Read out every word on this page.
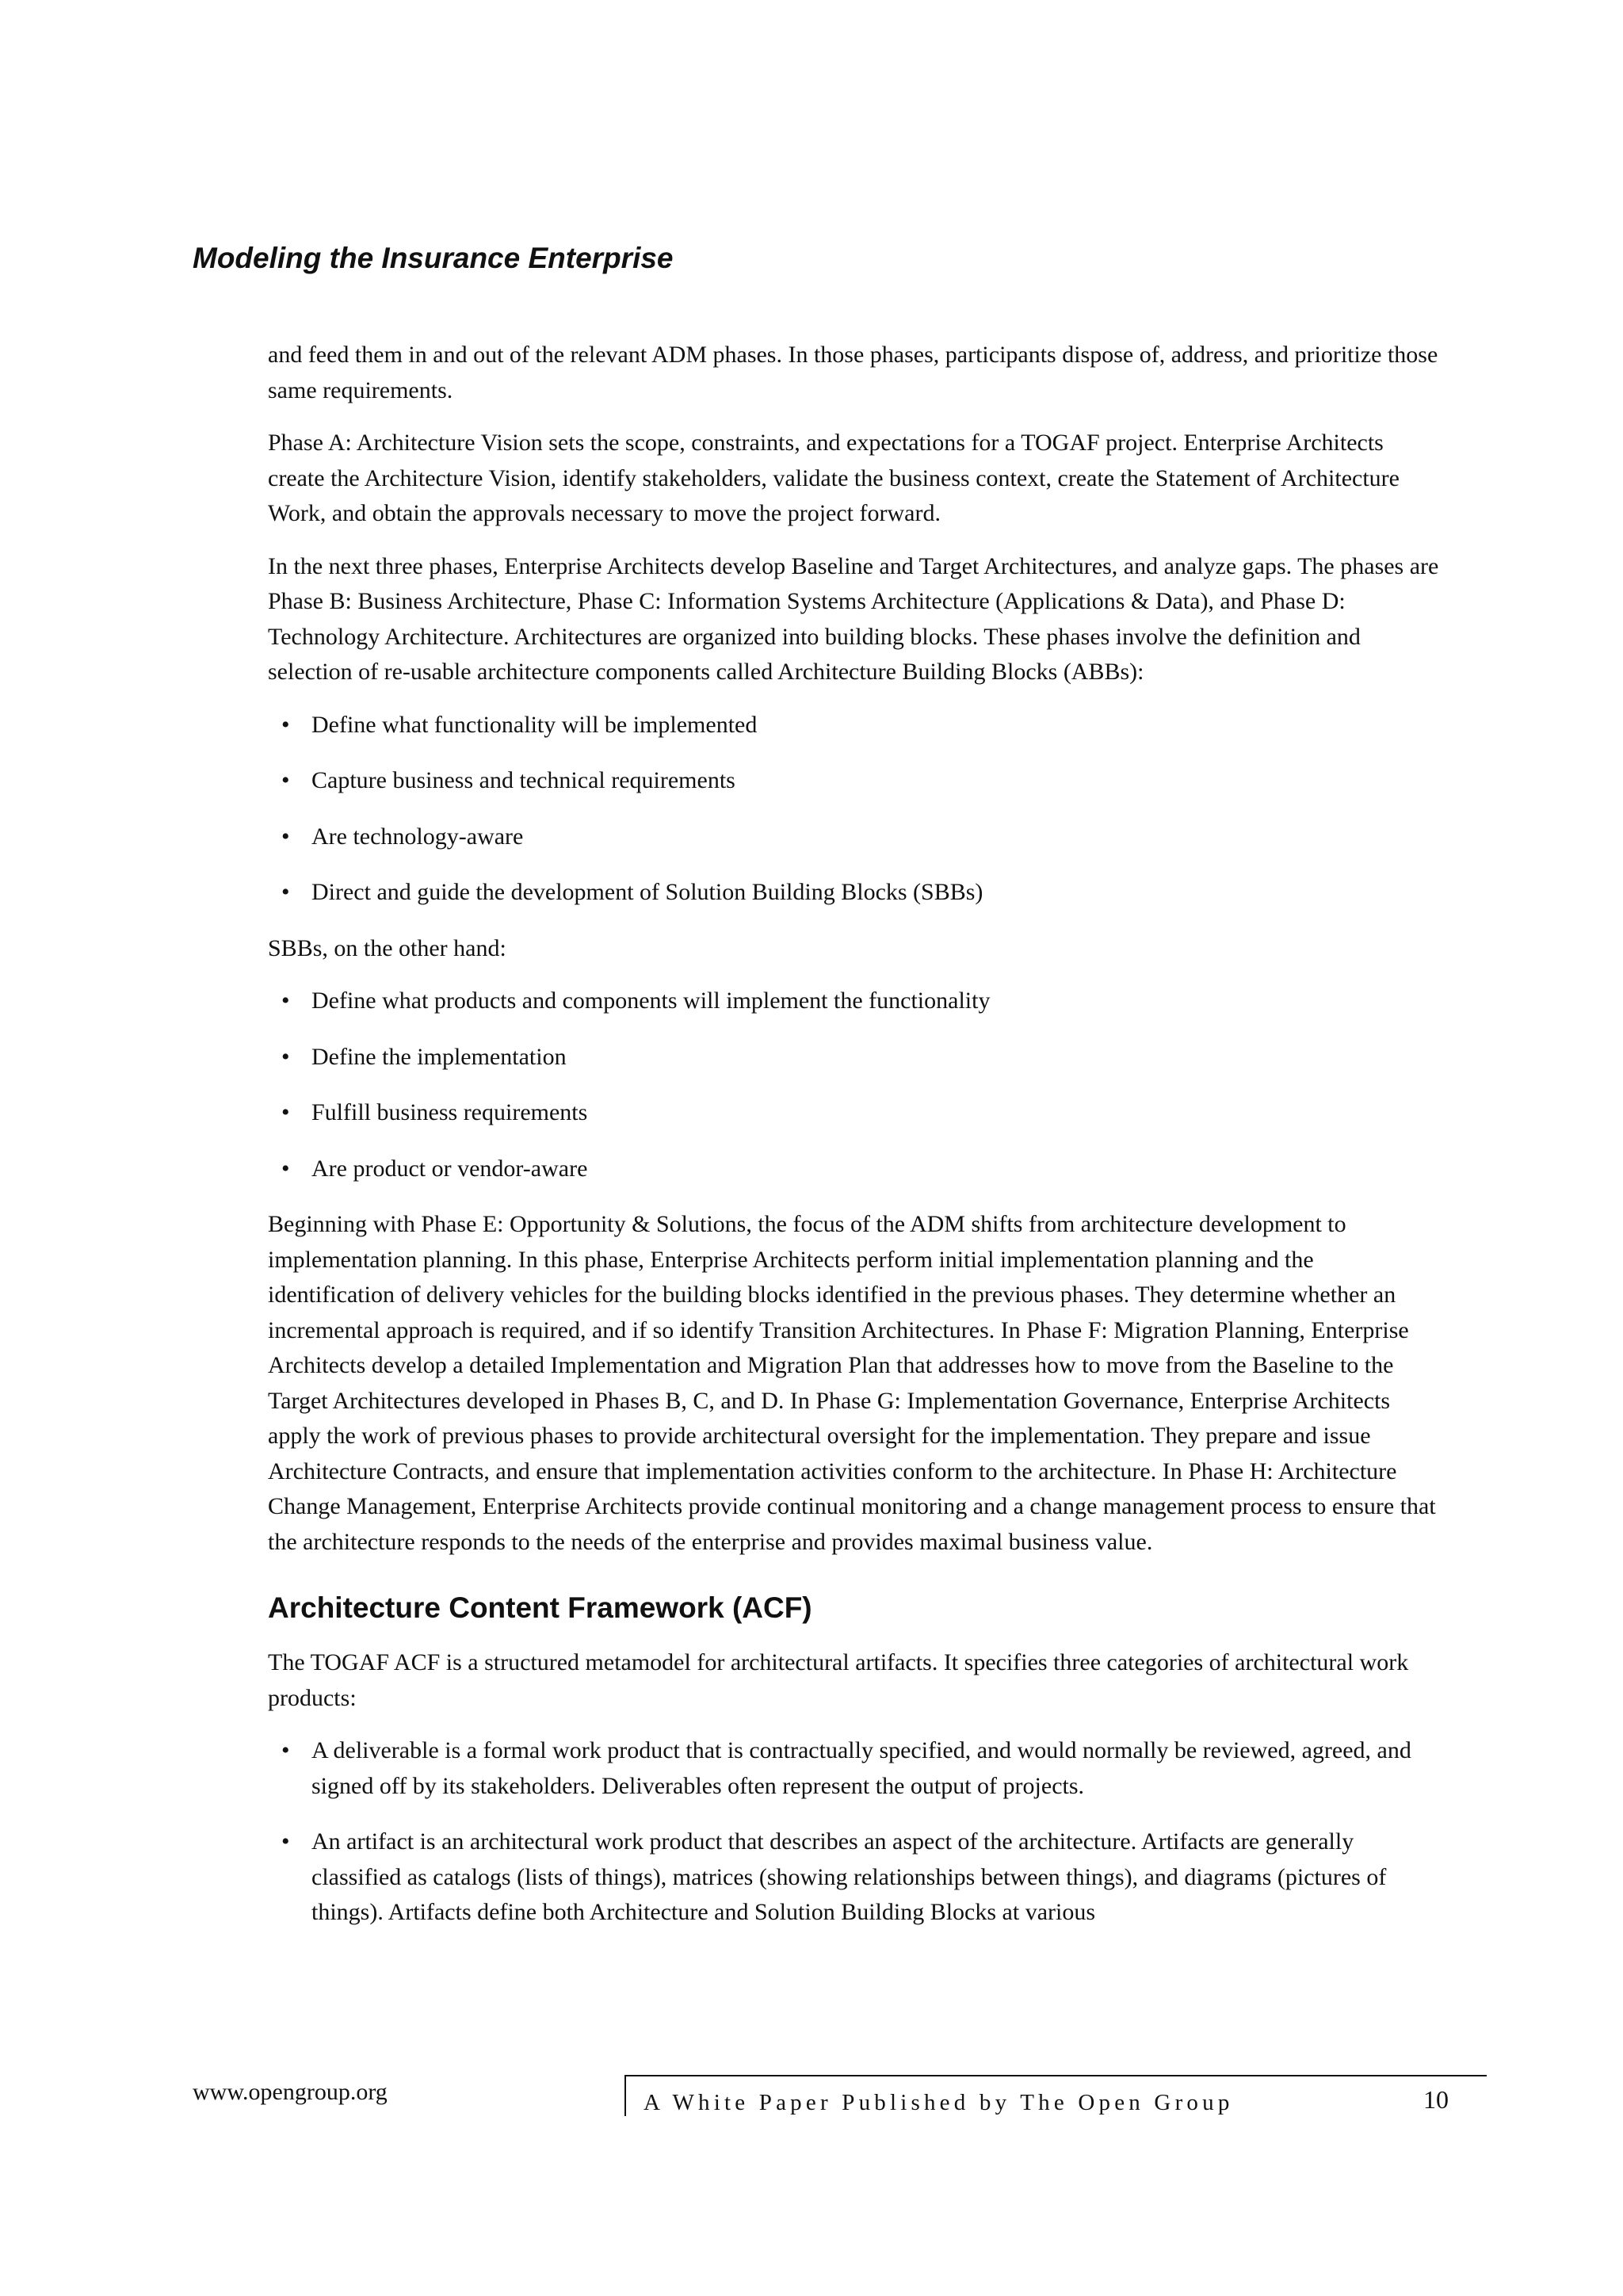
Modeling the Insurance Enterprise

and feed them in and out of the relevant ADM phases. In those phases, participants dispose of, address, and prioritize those same requirements.

Phase A: Architecture Vision sets the scope, constraints, and expectations for a TOGAF project. Enterprise Architects create the Architecture Vision, identify stakeholders, validate the business context, create the Statement of Architecture Work, and obtain the approvals necessary to move the project forward.

In the next three phases, Enterprise Architects develop Baseline and Target Architectures, and analyze gaps. The phases are Phase B: Business Architecture, Phase C: Information Systems Architecture (Applications & Data), and Phase D: Technology Architecture. Architectures are organized into building blocks. These phases involve the definition and selection of re-usable architecture components called Architecture Building Blocks (ABBs):

• Define what functionality will be implemented
• Capture business and technical requirements
• Are technology-aware
• Direct and guide the development of Solution Building Blocks (SBBs)

SBBs, on the other hand:

• Define what products and components will implement the functionality
• Define the implementation
• Fulfill business requirements
• Are product or vendor-aware

Beginning with Phase E: Opportunity & Solutions, the focus of the ADM shifts from architecture development to implementation planning. In this phase, Enterprise Architects perform initial implementation planning and the identification of delivery vehicles for the building blocks identified in the previous phases. They determine whether an incremental approach is required, and if so identify Transition Architectures. In Phase F: Migration Planning, Enterprise Architects develop a detailed Implementation and Migration Plan that addresses how to move from the Baseline to the Target Architectures developed in Phases B, C, and D. In Phase G: Implementation Governance, Enterprise Architects apply the work of previous phases to provide architectural oversight for the implementation. They prepare and issue Architecture Contracts, and ensure that implementation activities conform to the architecture. In Phase H: Architecture Change Management, Enterprise Architects provide continual monitoring and a change management process to ensure that the architecture responds to the needs of the enterprise and provides maximal business value.

Architecture Content Framework (ACF)

The TOGAF ACF is a structured metamodel for architectural artifacts. It specifies three categories of architectural work products:

• A deliverable is a formal work product that is contractually specified, and would normally be reviewed, agreed, and signed off by its stakeholders. Deliverables often represent the output of projects.
• An artifact is an architectural work product that describes an aspect of the architecture. Artifacts are generally classified as catalogs (lists of things), matrices (showing relationships between things), and diagrams (pictures of things). Artifacts define both Architecture and Solution Building Blocks at various
www.opengroup.org	A White Paper Published by The Open Group	10
